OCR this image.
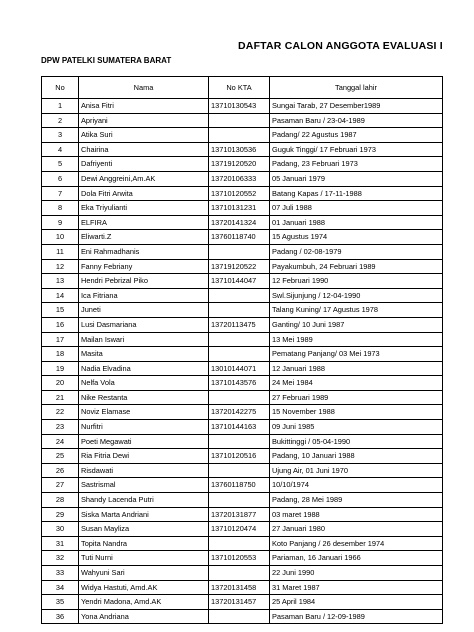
DAFTAR CALON ANGGOTA EVALUASI I
DPW PATELKI SUMATERA BARAT
No	Nama	No KTA	Tanggal lahir
1	Anisa Fitri	13710130543	Sungai Tarab, 27 Desember1989
2	Apriyani		Pasaman Baru / 23-04-1989
3	Atika Suri		Padang/ 22 Agustus 1987
4	Chairina	13710130536	Guguk Tinggi/ 17 Februari 1973
5	Dafriyenti	13719120520	Padang, 23 Februari 1973
6	Dewi Anggreini,Am.AK	13720106333	05 Januari 1979
7	Dola Fitri Arwita	13710120552	Batang Kapas / 17-11-1988
8	Eka Triyulianti	13710131231	07 Juli 1988
9	ELFIRA	13720141324	01 Januari 1988
10	Eliwarti.Z	13760118740	15 Agustus 1974
11	Eni Rahmadhanis		Padang / 02-08-1979
12	Fanny Febriany	13719120522	Payakumbuh, 24 Februari 1989
13	Hendri Pebrizal Piko	13710144047	12 Februari 1990
14	Ica Fitriana		Swl.Sijunjung / 12-04-1990
15	Juneti		Talang Kuning/ 17 Agustus 1978
16	Lusi Dasmariana	13720113475	Ganting/ 10 Juni 1987
17	Mailan Iswari		13 Mei 1989
18	Masita		Pematang Panjang/ 03 Mei 1973
19	Nadia Elvadina	13010144071	12 Januari 1988
20	Nelfa Vola	13710143576	24 Mei 1984
21	Nike Restanta		27 Februari 1989
22	Noviz Elamase	13720142275	15 November 1988
23	Nurfitri	13710144163	09 Juni 1985
24	Poeti Megawati		Bukittinggi / 05-04-1990
25	Ria Fitria Dewi	13710120516	Padang, 10 Januari 1988
26	Risdawati		Ujung Air, 01 Juni 1970
27	Sastrismal	13760118750	10/10/1974
28	Shandy Lacenda Putri		Padang, 28 Mei 1989
29	Siska Marta Andriani	13720131877	03 maret 1988
30	Susan Mayliza	13710120474	27 Januari 1980
31	Topita Nandra		Koto Panjang / 26 desember 1974
32	Tuti Nurni	13710120553	Pariaman, 16 Januari 1966
33	Wahyuni Sari		22 Juni 1990
34	Widya Hastuti, Amd.AK	13720131458	31 Maret 1987
35	Yendri Madona, Amd.AK	13720131457	25 April 1984
36	Yona Andriana		Pasaman Baru / 12-09-1989
